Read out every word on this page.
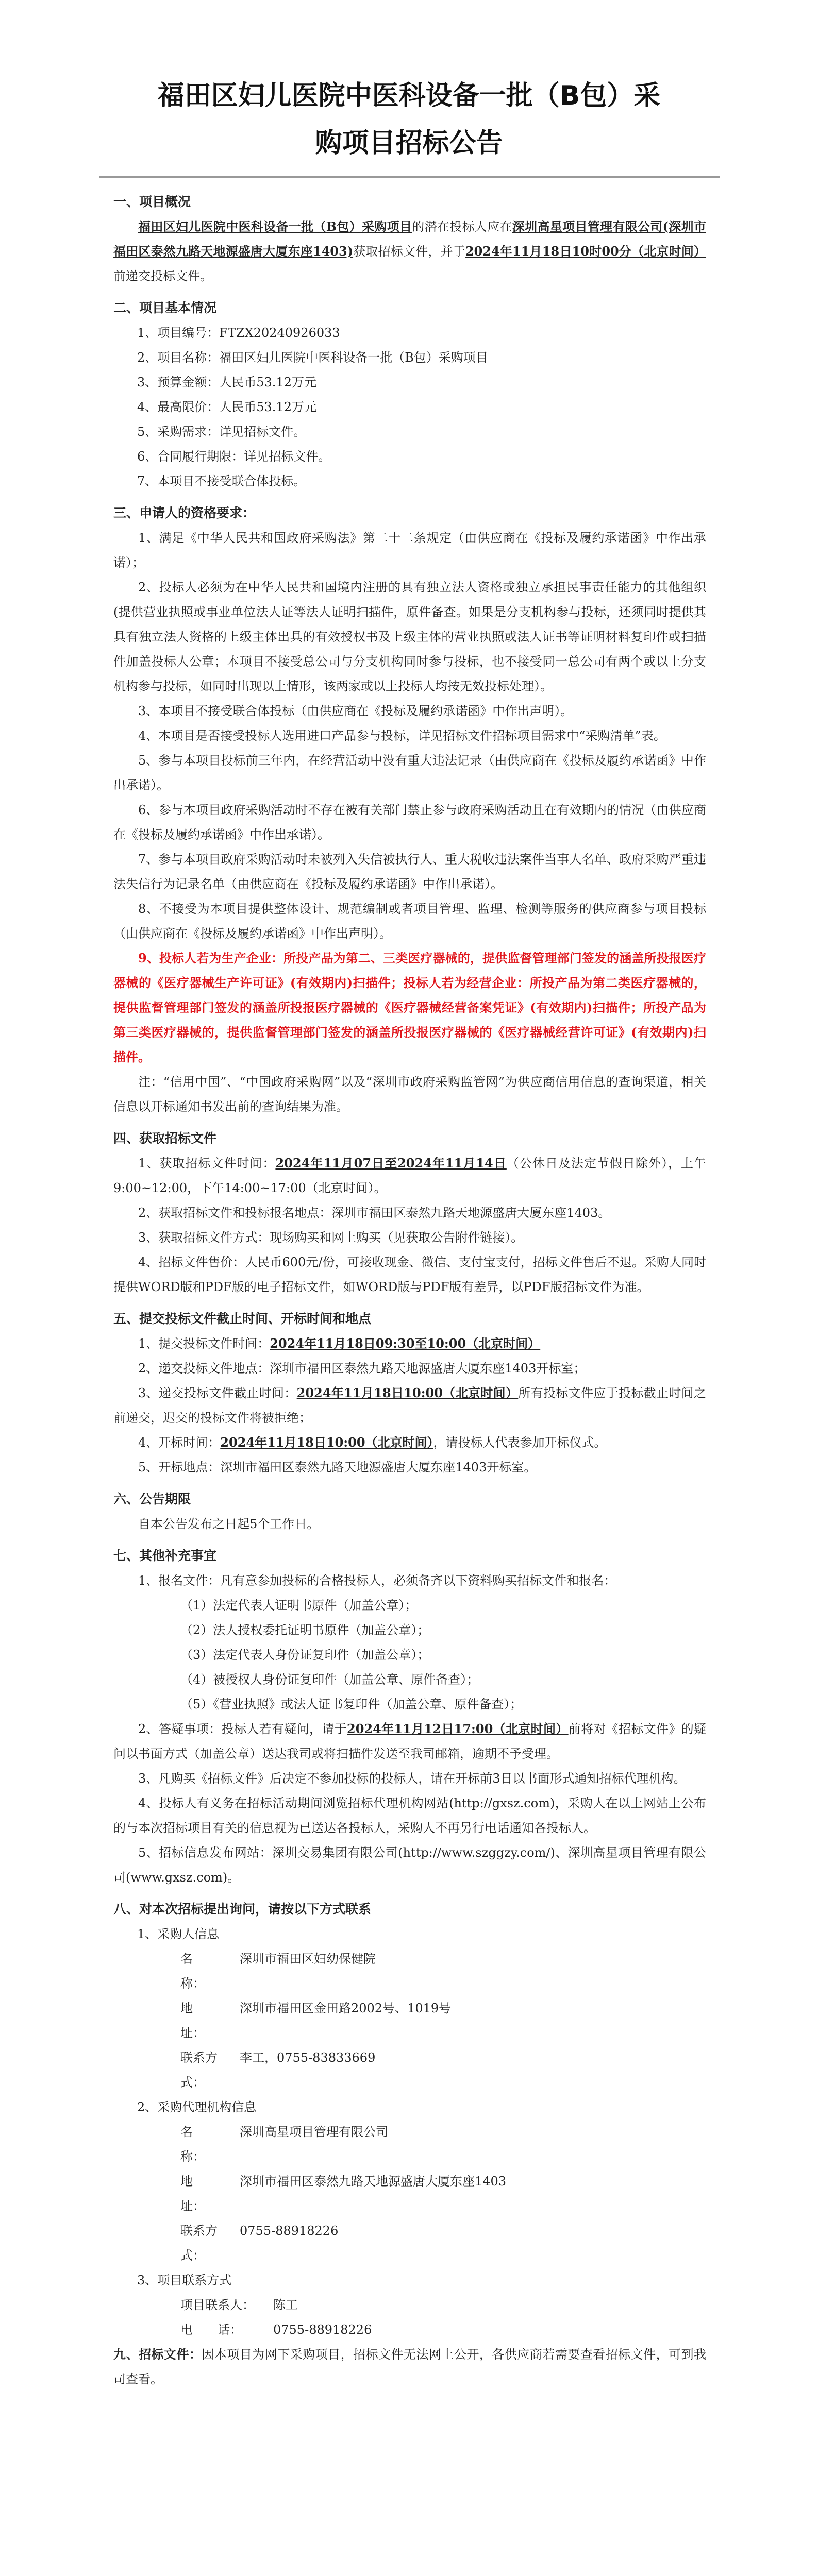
福田区妇儿医院中医科设备一批（B包）采
购项目招标公告
一、项目概况

福田区妇儿医院中医科设备一批（B包）采购项目的潜在投标人应在深圳高星项目管理有限公司(深圳市福田区泰然九路天地源盛唐大厦东座1403)获取招标文件，并于2024年11月18日10时00分（北京时间）前递交投标文件。

二、项目基本情况
1、项目编号：FTZX20240926033
2、项目名称：福田区妇儿医院中医科设备一批（B包）采购项目
3、预算金额：人民币53.12万元
4、最高限价：人民币53.12万元
5、采购需求：详见招标文件。
6、合同履行期限：详见招标文件。
7、本项目不接受联合体投标。
三、申请人的资格要求：

1、满足《中华人民共和国政府采购法》第二十二条规定（由供应商在《投标及履约承诺函》中作出承诺）；

2、投标人必须为在中华人民共和国境内注册的具有独立法人资格或独立承担民事责任能力的其他组织(提供营业执照或事业单位法人证等法人证明扫描件，原件备查。如果是分支机构参与投标，还须同时提供其具有独立法人资格的上级主体出具的有效授权书及上级主体的营业执照或法人证书等证明材料复印件或扫描件加盖投标人公章；本项目不接受总公司与分支机构同时参与投标，也不接受同一总公司有两个或以上分支机构参与投标，如同时出现以上情形，该两家或以上投标人均按无效投标处理）。

3、本项目不接受联合体投标（由供应商在《投标及履约承诺函》中作出声明）。

4、本项目是否接受投标人选用进口产品参与投标，详见招标文件招标项目需求中“采购清单”表。

5、参与本项目投标前三年内，在经营活动中没有重大违法记录（由供应商在《投标及履约承诺函》中作出承诺）。

6、参与本项目政府采购活动时不存在被有关部门禁止参与政府采购活动且在有效期内的情况（由供应商在《投标及履约承诺函》中作出承诺）。

7、参与本项目政府采购活动时未被列入失信被执行人、重大税收违法案件当事人名单、政府采购严重违法失信行为记录名单（由供应商在《投标及履约承诺函》中作出承诺）。

8、不接受为本项目提供整体设计、规范编制或者项目管理、监理、检测等服务的供应商参与项目投标（由供应商在《投标及履约承诺函》中作出声明）。

9、投标人若为生产企业：所投产品为第二、三类医疗器械的，提供监督管理部门签发的涵盖所投报医疗器械的《医疗器械生产许可证》(有效期内)扫描件；投标人若为经营企业：所投产品为第二类医疗器械的，提供监督管理部门签发的涵盖所投报医疗器械的《医疗器械经营备案凭证》(有效期内)扫描件；所投产品为第三类医疗器械的，提供监督管理部门签发的涵盖所投报医疗器械的《医疗器械经营许可证》(有效期内)扫描件。

注：“信用中国”、“中国政府采购网”以及“深圳市政府采购监管网”为供应商信用信息的查询渠道，相关信息以开标通知书发出前的查询结果为准。

四、获取招标文件

1、获取招标文件时间：2024年11月07日至2024年11月14日（公休日及法定节假日除外），上午9:00~12:00，下午14:00~17:00（北京时间）。

2、获取招标文件和投标报名地点：深圳市福田区泰然九路天地源盛唐大厦东座1403。

3、获取招标文件方式：现场购买和网上购买（见获取公告附件链接）。

4、招标文件售价：人民币600元/份，可接收现金、微信、支付宝支付，招标文件售后不退。采购人同时提供WORD版和PDF版的电子招标文件，如WORD版与PDF版有差异，以PDF版招标文件为准。

五、提交投标文件截止时间、开标时间和地点

1、提交投标文件时间：2024年11月18日09:30至10:00（北京时间）

2、递交投标文件地点：深圳市福田区泰然九路天地源盛唐大厦东座1403开标室；

3、递交投标文件截止时间：2024年11月18日10:00（北京时间）所有投标文件应于投标截止时间之前递交，迟交的投标文件将被拒绝；

4、开标时间：2024年11月18日10:00（北京时间），请投标人代表参加开标仪式。

5、开标地点：深圳市福田区泰然九路天地源盛唐大厦东座1403开标室。

六、公告期限

自本公告发布之日起5个工作日。

七、其他补充事宜

1、报名文件：凡有意参加投标的合格投标人，必须备齐以下资料购买招标文件和报名：

（1）法定代表人证明书原件（加盖公章）；
（2）法人授权委托证明书原件（加盖公章）；
（3）法定代表人身份证复印件（加盖公章）；
（4）被授权人身份证复印件（加盖公章、原件备查）；
（5）《营业执照》或法人证书复印件（加盖公章、原件备查）；

2、答疑事项：投标人若有疑问，请于2024年11月12日17:00（北京时间）前将对《招标文件》的疑问以书面方式（加盖公章）送达我司或将扫描件发送至我司邮箱，逾期不予受理。

3、凡购买《招标文件》后决定不参加投标的投标人，请在开标前3日以书面形式通知招标代理机构。

4、投标人有义务在招标活动期间浏览招标代理机构网站(http://gxsz.com)，采购人在以上网站上公布的与本次招标项目有关的信息视为已送达各投标人，采购人不再另行电话通知各投标人。

5、招标信息发布网站：深圳交易集团有限公司(http://www.szggzy.com/)、深圳高星项目管理有限公司(www.gxsz.com)。

八、对本次招标提出询问，请按以下方式联系
1、采购人信息
名　　称：
深圳市福田区妇幼保健院
地　　址：
深圳市福田区金田路2002号、1019号
联系方式：
李工，0755-83833669
2、采购代理机构信息
名　　称：
深圳高星项目管理有限公司
地　　址：
深圳市福田区泰然九路天地源盛唐大厦东座1403
联系方式：
0755-88918226
3、项目联系方式
项目联系人：	陈工
电　　话：	0755-88918226

九、招标文件：因本项目为网下采购项目，招标文件无法网上公开，各供应商若需要查看招标文件，可到我司查看。
